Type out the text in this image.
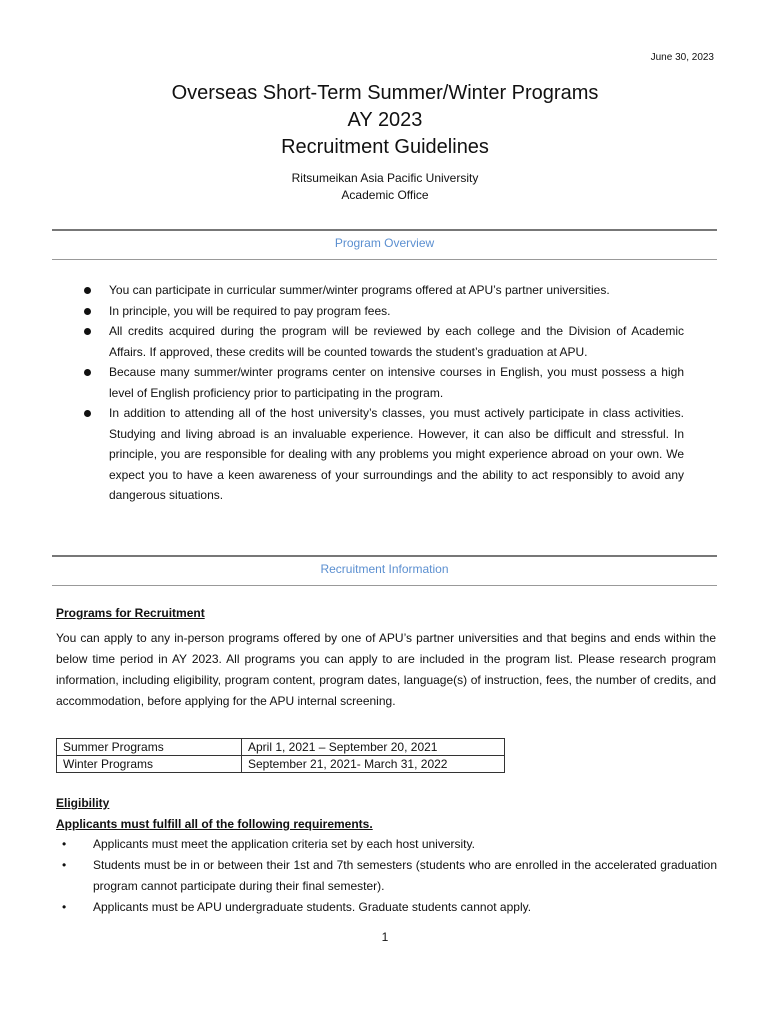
June 30, 2023
Overseas Short-Term Summer/Winter Programs
AY 2023
Recruitment Guidelines
Ritsumeikan Asia Pacific University
Academic Office
Program Overview
You can participate in curricular summer/winter programs offered at APU’s partner universities.
In principle, you will be required to pay program fees.
All credits acquired during the program will be reviewed by each college and the Division of Academic Affairs. If approved, these credits will be counted towards the student’s graduation at APU.
Because many summer/winter programs center on intensive courses in English, you must possess a high level of English proficiency prior to participating in the program.
In addition to attending all of the host university’s classes, you must actively participate in class activities. Studying and living abroad is an invaluable experience. However, it can also be difficult and stressful. In principle, you are responsible for dealing with any problems you might experience abroad on your own. We expect you to have a keen awareness of your surroundings and the ability to act responsibly to avoid any dangerous situations.
Recruitment Information
Programs for Recruitment

You can apply to any in-person programs offered by one of APU’s partner universities and that begins and ends within the below time period in AY 2023. All programs you can apply to are included in the program list. Please research program information, including eligibility, program content, program dates, language(s) of instruction, fees, the number of credits, and accommodation, before applying for the APU internal screening.

Summer Programs	April 1, 2021 – September 20, 2021
Winter Programs	September 21, 2021- March 31, 2022
Eligibility
Applicants must fulfill all of the following requirements.
• Applicants must meet the application criteria set by each host university.
• Students must be in or between their 1st and 7th semesters (students who are enrolled in the accelerated graduation program cannot participate during their final semester).
• Applicants must be APU undergraduate students. Graduate students cannot apply.
1
